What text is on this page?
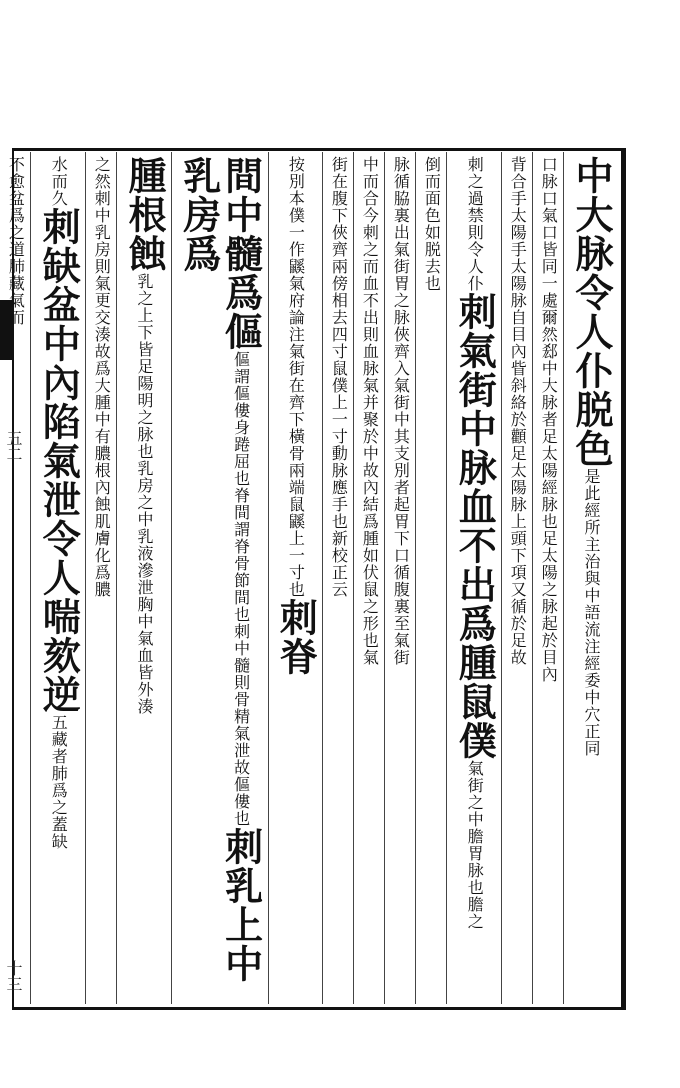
五二
十三
中大脉令人仆脱色是此經所主治與中語流注經委中穴正同
口脉口氣口皆同一處爾然郄中大脉者足太陽經脉也足太陽之脉起於目內
背合手太陽手太陽脉自目內眥斜絡於顴足太陽脉上頭下項又循於足故
刺之過禁則令人仆刺氣街中脉血不出爲腫鼠僕氣街之中膽胃脉也膽之
倒而面色如脱去也
脉循脇裏出氣街胃之脉俠齊入氣街中其支別者起胃下口循腹裏至氣街
中而合今刺之而血不出則血脉氣并聚於中故內結爲腫如伏鼠之形也氣
街在腹下俠齊兩傍相去四寸鼠僕上一寸動脉應手也新校正云
按別本僕一作鼷氣府論注氣街在齊下橫骨兩端鼠鼷上一寸也刺脊
間中髓爲傴傴謂傴僂身踡屈也脊間謂脊骨節間也刺中髓則骨精氣泄故傴僂也刺乳上中乳房爲
腫根蝕乳之上下皆足陽明之脉也乳房之中乳液滲泄胸中氣血皆外湊
之然刺中乳房則氣更交湊故爲大腫中有膿根內蝕肌膚化爲膿
水而久刺缺盆中內陷氣泄令人喘欬逆五藏者肺爲之蓋缺
不愈盆爲之道肺藏氣而
